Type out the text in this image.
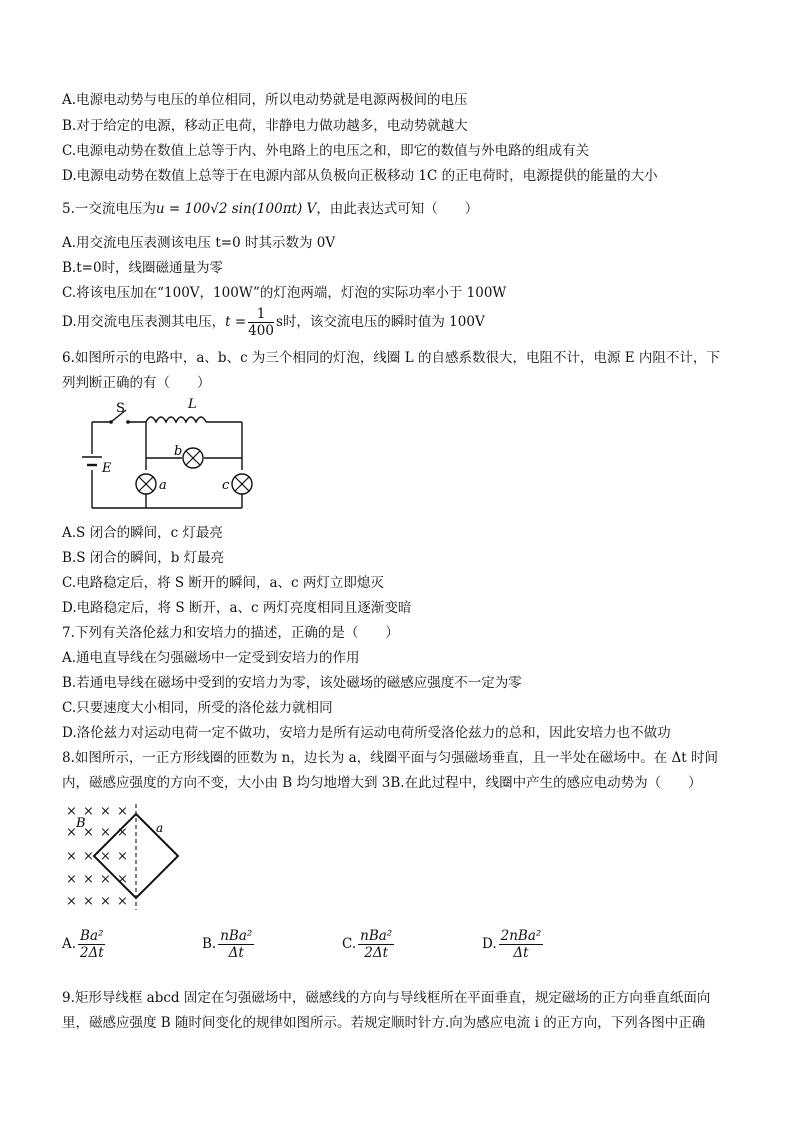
A.电源电动势与电压的单位相同，所以电动势就是电源两极间的电压
B.对于给定的电源，移动正电荷，非静电力做功越多，电动势就越大
C.电源电动势在数值上总等于内、外电路上的电压之和，即它的数值与外电路的组成有关
D.电源电动势在数值上总等于在电源内部从负极向正极移动 1C 的正电荷时，电源提供的能量的大小
5.一交流电压为u = 100√2 sin(100πt) V，由此表达式可知（　　）
A.用交流电压表测该电压 t=0 时其示数为 0V
B.t=0时，线圈磁通量为零
C.将该电压加在“100V，100W”的灯泡两端，灯泡的实际功率小于 100W
D.用交流电压表测其电压，$t = \frac{1}{400}$ s时，该交流电压的瞬时值为 100V
6.如图所示的电路中，a、b、c 为三个相同的灯泡，线圈 L 的自感系数很大，电阻不计，电源 E 内阻不计，下
列判断正确的有（　　）
E
S	L
b
a	c
A.S 闭合的瞬间，c 灯最亮
B.S 闭合的瞬间，b 灯最亮
C.电路稳定后，将 S 断开的瞬间，a、c 两灯立即熄灭
D.电路稳定后，将 S 断开，a、c 两灯亮度相同且逐渐变暗
7.下列有关洛伦兹力和安培力的描述，正确的是（　　）
A.通电直导线在匀强磁场中一定受到安培力的作用
B.若通电导线在磁场中受到的安培力为零，该处磁场的磁感应强度不一定为零
C.只要速度大小相同，所受的洛伦兹力就相同
D.洛伦兹力对运动电荷一定不做功，安培力是所有运动电荷所受洛伦兹力的总和，因此安培力也不做功
8.如图所示，一正方形线圈的匝数为 n，边长为 a，线圈平面与匀强磁场垂直，且一半处在磁场中。在 Δt 时间
内，磁感应强度的方向不变，大小由 B 均匀地增大到 3B.在此过程中，线圈中产生的感应电动势为（　　）
× × ×
× × × ×
× × × ×
× × × ×
× × × ×
×
B	a
A. $\frac{\text{Ba²}}{2\Delta t}$	B. $\frac{\text{nBa²}}{\Delta t}$	C. $\frac{\text{nBa²}}{2\Delta t}$	D. $\frac{\text{2nBa²}}{\Delta t}$
9.矩形导线框 abcd 固定在匀强磁场中，磁感线的方向与导线框所在平面垂直，规定磁场的正方向垂直纸面向
里，磁感应强度 B 随时间变化的规律如图所示。若规定顺时针方.向为感应电流 i 的正方向，下列各图中正确
